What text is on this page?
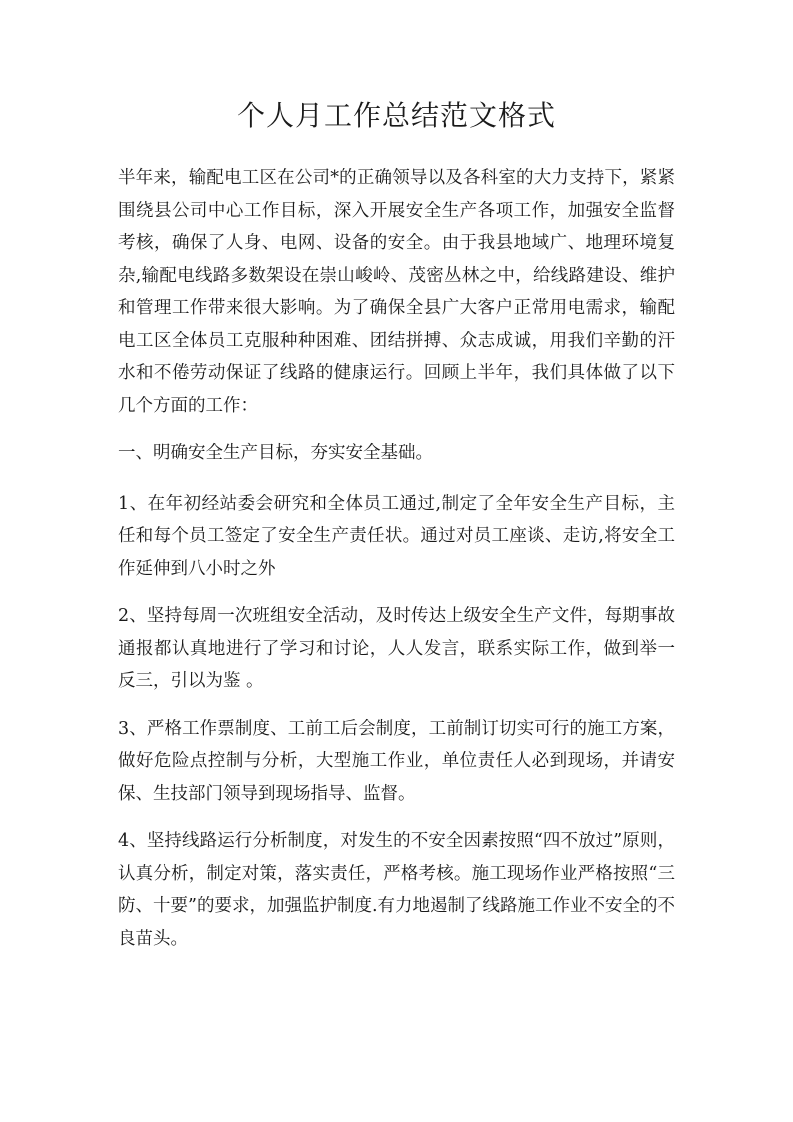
个人月工作总结范文格式

半年来，输配电工区在公司*的正确领导以及各科室的大力支持下，紧紧围绕县公司中心工作目标，深入开展安全生产各项工作，加强安全监督考核，确保了人身、电网、设备的安全。由于我县地域广、地理环境复杂,输配电线路多数架设在崇山峻岭、茂密丛林之中，给线路建设、维护和管理工作带来很大影响。为了确保全县广大客户正常用电需求，输配电工区全体员工克服种种困难、团结拼搏、众志成诚，用我们辛勤的汗水和不倦劳动保证了线路的健康运行。回顾上半年，我们具体做了以下几个方面的工作：

一、明确安全生产目标，夯实安全基础。

1、在年初经站委会研究和全体员工通过,制定了全年安全生产目标，主任和每个员工签定了安全生产责任状。通过对员工座谈、走访,将安全工作延伸到八小时之外

2、坚持每周一次班组安全活动，及时传达上级安全生产文件，每期事故通报都认真地进行了学习和讨论，人人发言，联系实际工作，做到举一反三，引以为鉴 。

3、严格工作票制度、工前工后会制度，工前制订切实可行的施工方案，做好危险点控制与分析，大型施工作业，单位责任人必到现场，并请安保、生技部门领导到现场指导、监督。

4、坚持线路运行分析制度，对发生的不安全因素按照“四不放过”原则，认真分析，制定对策，落实责任，严格考核。施工现场作业严格按照“三防、十要”的要求，加强监护制度.有力地遏制了线路施工作业不安全的不良苗头。
